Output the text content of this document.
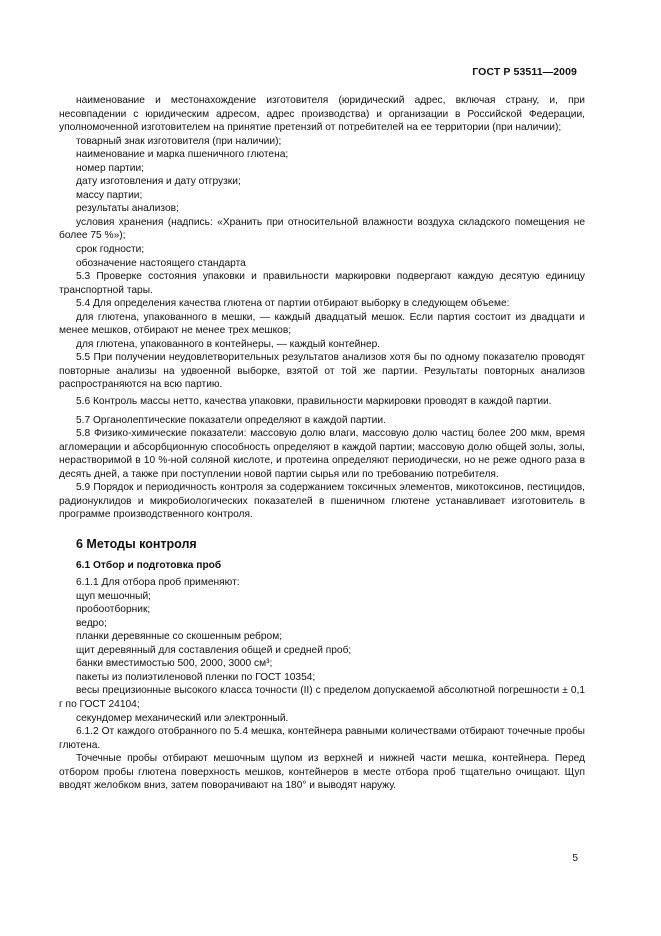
ГОСТ Р 53511—2009

наименование и местонахождение изготовителя (юридический адрес, включая страну, и, при несовпадении с юридическим адресом, адрес производства) и организации в Российской Федерации, уполномоченной изготовителем на принятие претензий от потребителей на ее территории (при наличии);

товарный знак изготовителя (при наличии);

наименование и марка пшеничного глютена;

номер партии;

дату изготовления и дату отгрузки;

массу партии;

результаты анализов;

условия хранения (надпись: «Хранить при относительной влажности воздуха складского помещения не более 75 %»);

срок годности;

обозначение настоящего стандарта

5.3 Проверке состояния упаковки и правильности маркировки подвергают каждую десятую единицу транспортной тары.

5.4 Для определения качества глютена от партии отбирают выборку в следующем объеме:

для глютена, упакованного в мешки, — каждый двадцатый мешок. Если партия состоит из двадцати и менее мешков, отбирают не менее трех мешков;

для глютена, упакованного в контейнеры, — каждый контейнер.

5.5 При получении неудовлетворительных результатов анализов хотя бы по одному показателю проводят повторные анализы на удвоенной выборке, взятой от той же партии. Результаты повторных анализов распространяются на всю партию.

5.6 Контроль массы нетто, качества упаковки, правильности маркировки проводят в каждой партии.

5.7 Органолептические показатели определяют в каждой партии.

5.8 Физико-химические показатели: массовую долю влаги, массовую долю частиц более 200 мкм, время агломерации и абсорбционную способность определяют в каждой партии; массовую долю общей золы, золы, нерастворимой в 10 %-ной соляной кислоте, и протеина определяют периодически, но не реже одного раза в десять дней, а также при поступлении новой партии сырья или по требованию потребителя.

5.9 Порядок и периодичность контроля за содержанием токсичных элементов, микотоксинов, пестицидов, радионуклидов и микробиологических показателей в пшеничном глютене устанавливает изготовитель в программе производственного контроля.

6 Методы контроля
6.1 Отбор и подготовка проб

6.1.1 Для отбора проб применяют:

щуп мешочный;

пробоотборник;

ведро;

планки деревянные со скошенным ребром;

щит деревянный для составления общей и средней проб;

банки вместимостью 500, 2000, 3000 см³;

пакеты из полиэтиленовой пленки по ГОСТ 10354;

весы прецизионные высокого класса точности (II) с пределом допускаемой абсолютной погрешности ± 0,1 г по ГОСТ 24104;

секундомер механический или электронный.

6.1.2 От каждого отобранного по 5.4 мешка, контейнера равными количествами отбирают точечные пробы глютена.

Точечные пробы отбирают мешочным щупом из верхней и нижней части мешка, контейнера. Перед отбором пробы глютена поверхность мешков, контейнеров в месте отбора проб тщательно очищают. Щуп вводят желобком вниз, затем поворачивают на 180° и выводят наружу.

5
